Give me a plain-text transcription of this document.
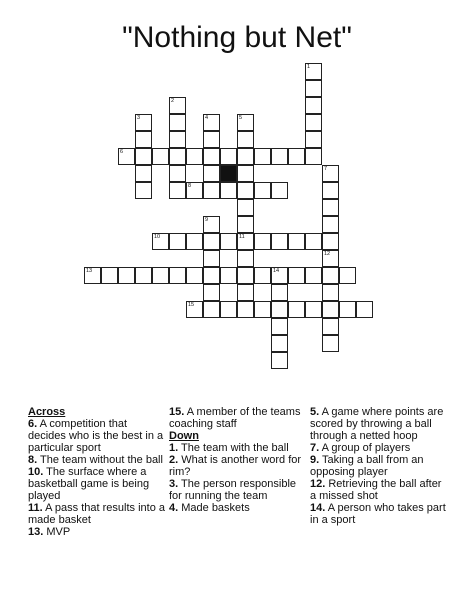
"Nothing but Net"
1
2
3	4	5
6
7
8
9
10	11
12
13	14
15

Across

6. A competition that decides who is the best in a particular sport

8. The team without the ball

10. The surface where a basketball game is being played

11. A pass that results into a made basket

13. MVP

15. A member of the teams coaching staff

Down

1. The team with the ball

2. What is another word for rim?

3. The person responsible for running the team

4. Made baskets

5. A game where points are scored by throwing a ball through a netted hoop

7. A group of players

9. Taking a ball from an opposing player

12. Retrieving the ball after a missed shot

14. A person who takes part in a sport
